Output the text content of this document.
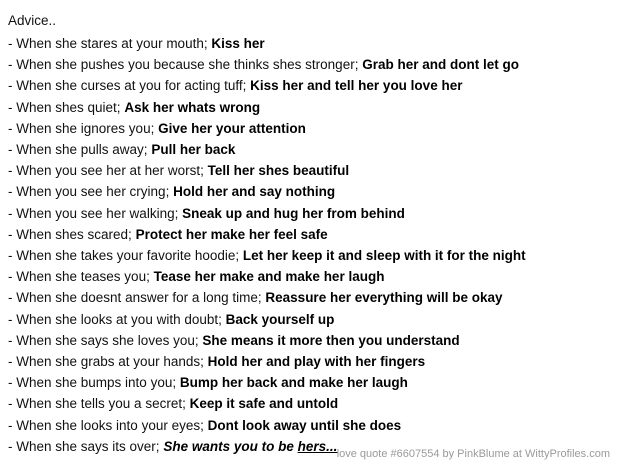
Advice..
- When she stares at your mouth; Kiss her
- When she pushes you because she thinks shes stronger; Grab her and dont let go
- When she curses at you for acting tuff; Kiss her and tell her you love her
- When shes quiet; Ask her whats wrong
- When she ignores you; Give her your attention
- When she pulls away; Pull her back
- When you see her at her worst; Tell her shes beautiful
- When you see her crying; Hold her and say nothing
- When you see her walking; Sneak up and hug her from behind
- When shes scared; Protect her make her feel safe
- When she takes your favorite hoodie; Let her keep it and sleep with it for the night
- When she teases you; Tease her make and make her laugh
- When she doesnt answer for a long time; Reassure her everything will be okay
- When she looks at you with doubt; Back yourself up
- When she says she loves you; She means it more then you understand
- When she grabs at your hands; Hold her and play with her fingers
- When she bumps into you; Bump her back and make her laugh
- When she tells you a secret; Keep it safe and untold
- When she looks into your eyes; Dont look away until she does
- When she says its over; She wants you to be hers...
love quote #6607554 by PinkBlume at WittyProfiles.com
